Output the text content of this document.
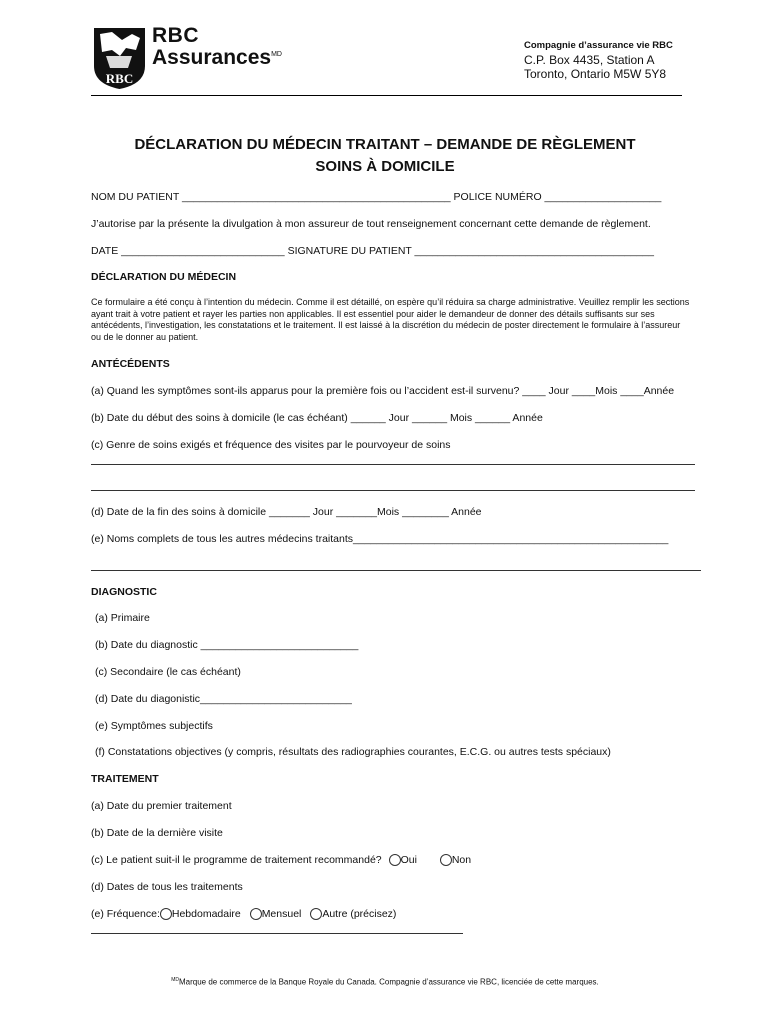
RBC
RBC
Assurances$^{MD}$
Compagnie d’assurance vie RBC
C.P. Box 4435, Station A
Toronto, Ontario M5W 5Y8
DÉCLARATION DU MÉDECIN TRAITANT – DEMANDE DE RÈGLEMENT
SOINS À DOMICILE
NOM DU PATIENT ______________________________________________ POLICE NUMÉRO ____________________
J’autorise par la présente la divulgation à mon assureur de tout renseignement concernant cette demande de règlement.
DATE ____________________________ SIGNATURE DU PATIENT _________________________________________
DÉCLARATION DU MÉDECIN
Ce formulaire a été conçu à l’intention du médecin. Comme il est détaillé, on espère qu’il réduira sa charge administrative. Veuillez remplir les sections ayant trait à votre patient et rayer les parties non applicables. Il est essentiel pour aider le demandeur de donner des détails suffisants sur ses antécédents, l’investigation, les constatations et le traitement. Il est laissé à la discrétion du médecin de poster directement le formulaire à l’assureur ou de le donner au patient.
ANTÉCÉDENTS
(a) Quand les symptômes sont-ils apparus pour la première fois ou l’accident est-il survenu? ____ Jour ____Mois ____Année
(b) Date du début des soins à domicile (le cas échéant) ______ Jour ______ Mois ______ Année
(c) Genre de soins exigés et fréquence des visites par le pourvoyeur de soins
(d) Date de la fin des soins à domicile _______ Jour _______Mois ________ Année
(e) Noms complets de tous les autres médecins traitants______________________________________________________
DIAGNOSTIC
(a) Primaire
(b) Date du diagnostic ___________________________
(c) Secondaire (le cas échéant)
(d) Date du diagonistic__________________________
(e) Symptômes subjectifs
(f) Constatations objectives (y compris, résultats des radiographies courantes, E.C.G. ou autres tests spéciaux)
TRAITEMENT
(a) Date du premier traitement
(b) Date de la dernière visite
(c) Le patient suit-il le programme de traitement recommandé? Oui	Non
(d) Dates de tous les traitements
(e) Fréquence: Hebdomadaire Mensuel Autre (précisez)
$^{MD}$Marque de commerce de la Banque Royale du Canada. Compagnie d’assurance vie RBC, licenciée de cette marques.
